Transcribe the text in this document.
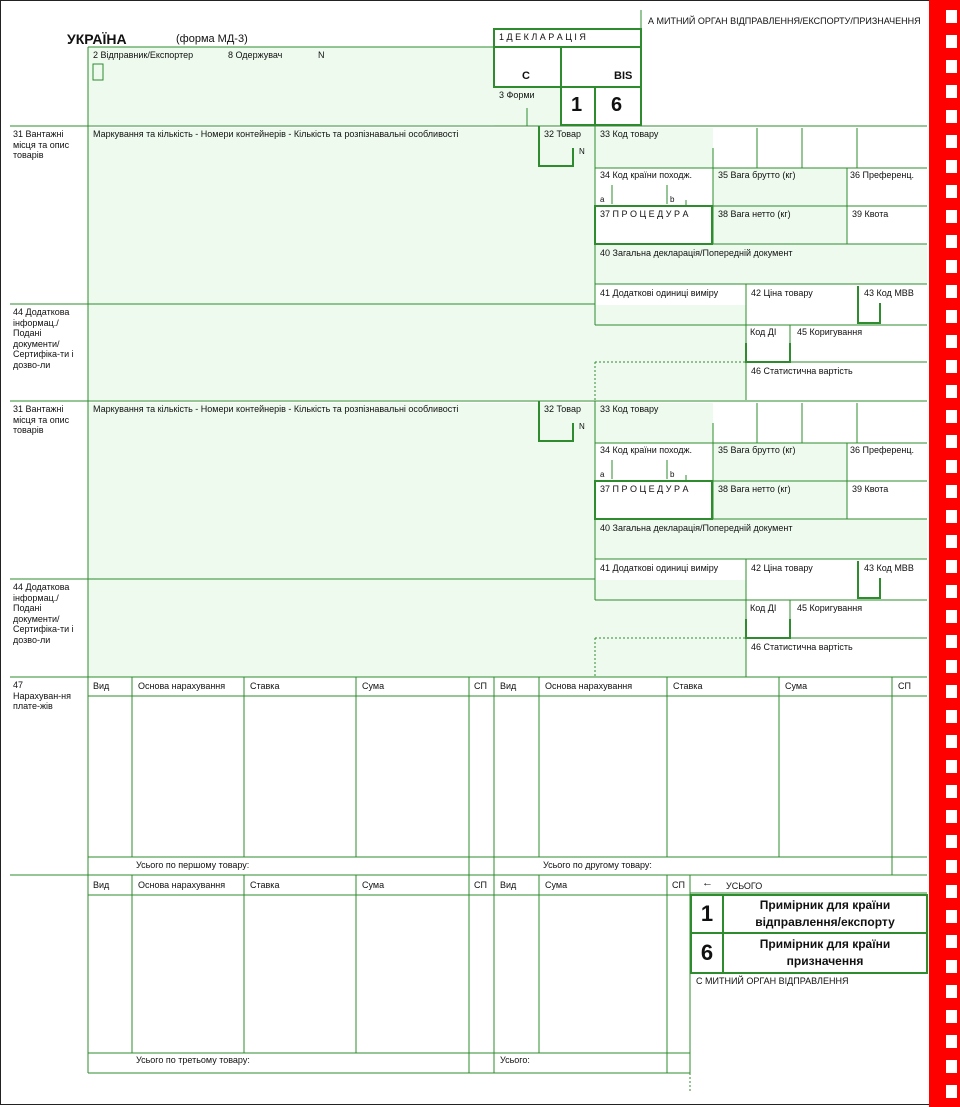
УКРАЇНА	(форма МД-3)
А МИТНИЙ ОРГАН ВІДПРАВЛЕННЯ/ЕКСПОРТУ/ПРИЗНАЧЕННЯ
1 Д Е К Л А Р А Ц І Я
C	BIS
3 Форми 1 6
2 Відправник/Експортер	8 Одержувач	N
31 Вантажні місця та опис товарів
Маркування та кількість - Номери контейнерів - Кількість та розпізнавальні особливості	32 Товар
N
33 Код товару
34 Код країни походж.
a	b
35 Вага брутто (кг)	36 Преференц.
37 П Р О Ц Е Д У Р А	38 Вага нетто (кг)	39 Квота
40 Загальна декларація/Попередній документ
41 Додаткові одиниці виміру	42 Ціна товару	43 Код МВВ
44 Додаткова інформац./ Подані документи/ Сертифіка-ти і дозво-ли
Код ДІ 45 Коригування
46 Статистична вартість
31 Вантажні місця та опис товарів
Маркування та кількість - Номери контейнерів - Кількість та розпізнавальні особливості	32 Товар
N
33 Код товару
34 Код країни походж.
a	b
35 Вага брутто (кг)	36 Преференц.
37 П Р О Ц Е Д У Р А	38 Вага нетто (кг)	39 Квота
40 Загальна декларація/Попередній документ
41 Додаткові одиниці виміру	42 Ціна товару	43 Код МВВ
44 Додаткова інформац./ Подані документи/ Сертифіка-ти і дозво-ли
Код ДІ 45 Коригування
46 Статистична вартість
47 Нарахуван-ня плате-жів
Вид	Основа нарахування	Ставка	Сума	СП Вид	Основа нарахування	Ставка	Сума	СП
Усього по першому товару:	Усього по другому товару:
Вид	Основа нарахування	Ставка	Сума	СП Вид	Сума	СП ← УСЬОГО
Усього по третьому товару:	Усього:
1	Примірник для країни відправлення/експорту
6	Примірник для країни призначення
С МИТНИЙ ОРГАН ВІДПРАВЛЕННЯ
